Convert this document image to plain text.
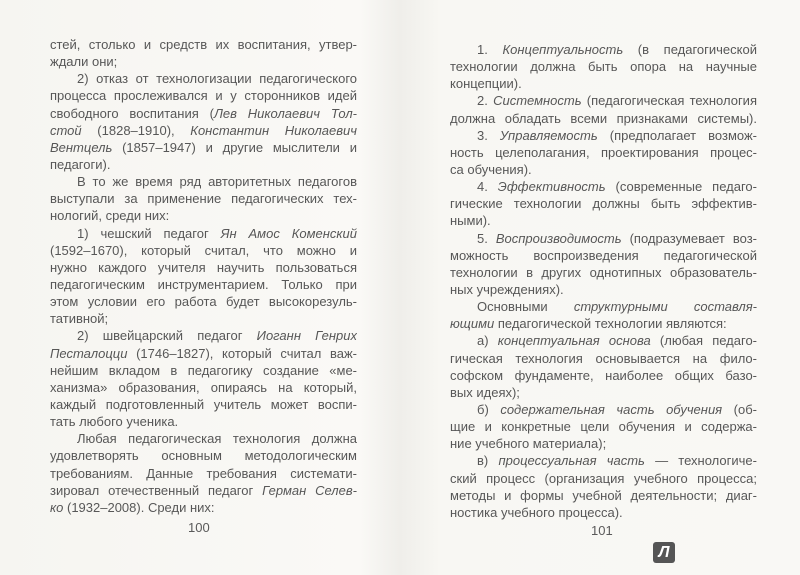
стей, столько и средств их воспитания, утвер-
ждали они;
2) отказ от технологизации педагогического
процесса прослеживался и у сторонников идей
свободного воспитания (Лев Николаевич Тол-
стой (1828–1910), Константин Николаевич
Вентцель (1857–1947) и другие мыслители и
педагоги).
В то же время ряд авторитетных педагогов
выступали за применение педагогических тех-
нологий, среди них:
1) чешский педагог Ян Амос Коменский
(1592–1670), который считал, что можно и
нужно каждого учителя научить пользоваться
педагогическим инструментарием. Только при
этом условии его работа будет высокорезуль-
тативной;
2) швейцарский педагог Иоганн Генрих
Песталоцци (1746–1827), который считал важ-
нейшим вкладом в педагогику создание «ме-
ханизма» образования, опираясь на который,
каждый подготовленный учитель может воспи-
тать любого ученика.
Любая педагогическая технология должна
удовлетворять основным методологическим
требованиям. Данные требования системати-
зировал отечественный педагог Герман Селев-
ко (1932–2008). Среди них:
1. Концептуальность (в педагогической
технологии должна быть опора на научные
концепции).
2. Системность (педагогическая технология
должна обладать всеми признаками системы).
3. Управляемость (предполагает возмож-
ность целеполагания, проектирования процес-
са обучения).
4. Эффективность (современные педаго-
гические технологии должны быть эффектив-
ными).
5. Воспроизводимость (подразумевает воз-
можность воспроизведения педагогической
технологии в других однотипных образователь-
ных учреждениях).
Основными структурными составля-
ющими педагогической технологии являются:
а) концептуальная основа (любая педаго-
гическая технология основывается на фило-
софском фундаменте, наиболее общих базо-
вых идеях);
б) содержательная часть обучения (об-
щие и конкретные цели обучения и содержа-
ние учебного материала);
в) процессуальная часть — технологиче-
ский процесс (организация учебного процесса;
методы и формы учебной деятельности; диаг-
ностика учебного процесса).
100	101
Л
